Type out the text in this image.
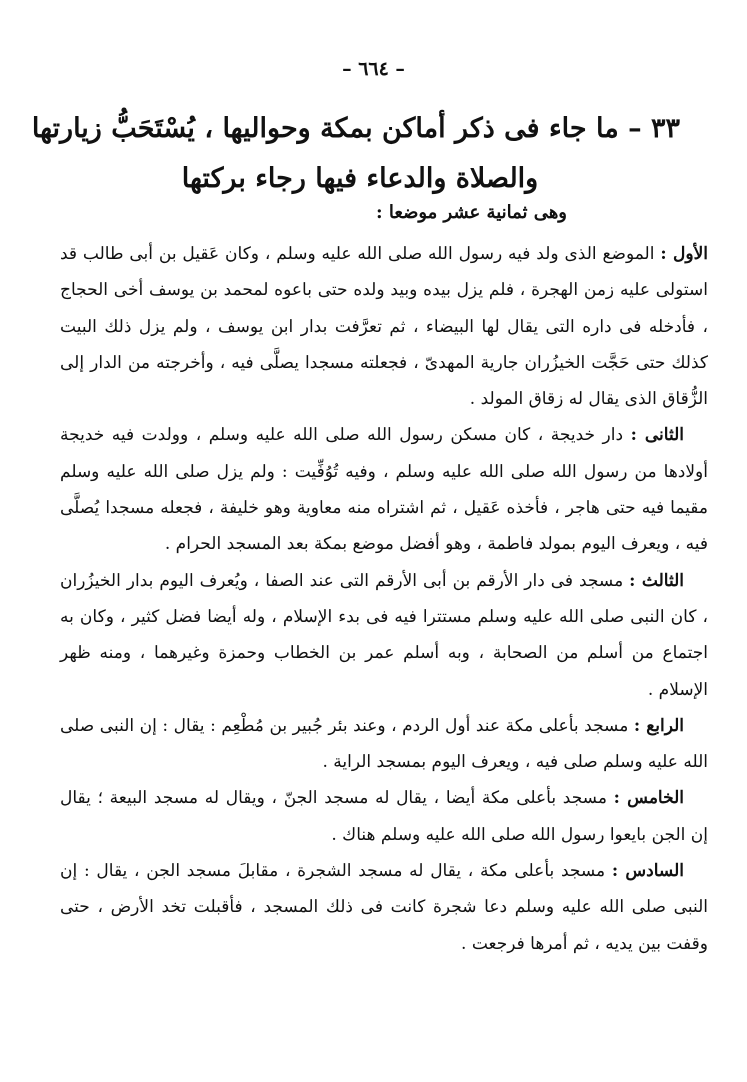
– ٦٦٤ –
٣٣ – ما جاء فى ذكر أماكن بمكة وحواليها ، يُسْتَحَبُّ زيارتها
والصلاة والدعاء فيها رجاء بركتها
وهى ثمانية عشر موضعا :

الأول : الموضع الذى ولد فيه رسول الله صلى الله عليه وسلم ، وكان عَقيل بن أبى طالب قد استولى عليه زمن الهجرة ، فلم يزل بيده وبيد ولده حتى باعوه لمحمد بن يوسف أخى الحجاج ، فأدخله فى داره التى يقال لها البيضاء ، ثم تعرَّفت بدار ابن يوسف ، ولم يزل ذلك البيت كذلك حتى حَجَّت الخيزُران جارية المهدىّ ، فجعلته مسجدا يصلَّى فيه ، وأخرجته من الدار إلى الزُّقاق الذى يقال له زقاق المولد .

الثانى : دار خديجة ، كان مسكن رسول الله صلى الله عليه وسلم ، وولدت فيه خديجة أولادها من رسول الله صلى الله عليه وسلم ، وفيه تُوُفِّيت : ولم يزل صلى الله عليه وسلم مقيما فيه حتى هاجر ، فأخذه عَقيل ، ثم اشتراه منه معاوية وهو خليفة ، فجعله مسجدا يُصلَّى فيه ، ويعرف اليوم بمولد فاطمة ، وهو أفضل موضع بمكة بعد المسجد الحرام .

الثالث : مسجد فى دار الأرقم بن أبى الأرقم التى عند الصفا ، ويُعرف اليوم بدار الخيزُران ، كان النبى صلى الله عليه وسلم مستترا فيه فى بدء الإسلام ، وله أيضا فضل كثير ، وكان به اجتماع من أسلم من الصحابة ، وبه أسلم عمر بن الخطاب وحمزة وغيرهما ، ومنه ظهر الإسلام .

الرابع : مسجد بأعلى مكة عند أول الردم ، وعند بئر جُبير بن مُطْعِم : يقال : إن النبى صلى الله عليه وسلم صلى فيه ، ويعرف اليوم بمسجد الراية .

الخامس : مسجد بأعلى مكة أيضا ، يقال له مسجد الجنّ ، ويقال له مسجد البيعة ؛ يقال إن الجن بايعوا رسول الله صلى الله عليه وسلم هناك .

السادس : مسجد بأعلى مكة ، يقال له مسجد الشجرة ، مقابلَ مسجد الجن ، يقال : إن النبى صلى الله عليه وسلم دعا شجرة كانت فى ذلك المسجد ، فأقبلت تخد الأرض ، حتى وقفت بين يديه ، ثم أمرها فرجعت .
